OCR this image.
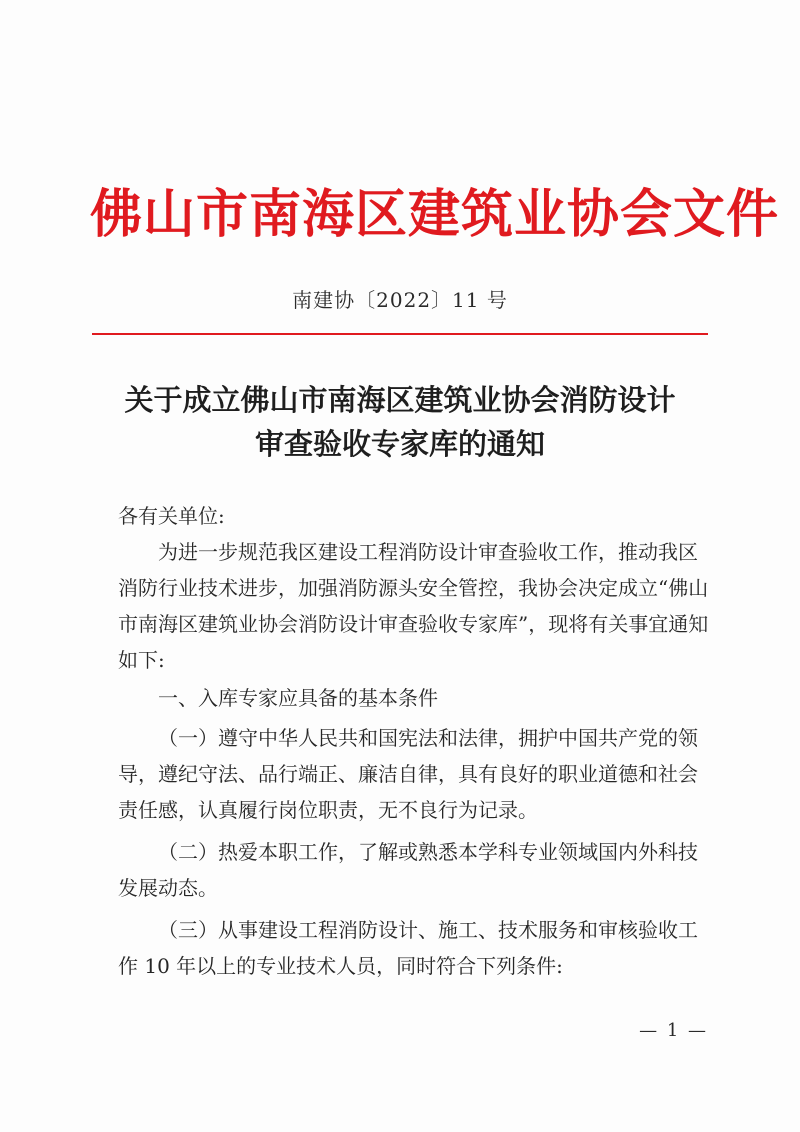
佛山市南海区建筑业协会文件
南建协〔2022〕11 号
关于成立佛山市南海区建筑业协会消防设计
审查验收专家库的通知

各有关单位:

为进一步规范我区建设工程消防设计审查验收工作，推动我区消防行业技术进步，加强消防源头安全管控，我协会决定成立“佛山市南海区建筑业协会消防设计审查验收专家库”，现将有关事宜通知如下:

一、入库专家应具备的基本条件

（一）遵守中华人民共和国宪法和法律，拥护中国共产党的领导，遵纪守法、品行端正、廉洁自律，具有良好的职业道德和社会责任感，认真履行岗位职责，无不良行为记录。

（二）热爱本职工作，了解或熟悉本学科专业领域国内外科技发展动态。

（三）从事建设工程消防设计、施工、技术服务和审核验收工作 10 年以上的专业技术人员，同时符合下列条件:

— 1 —
